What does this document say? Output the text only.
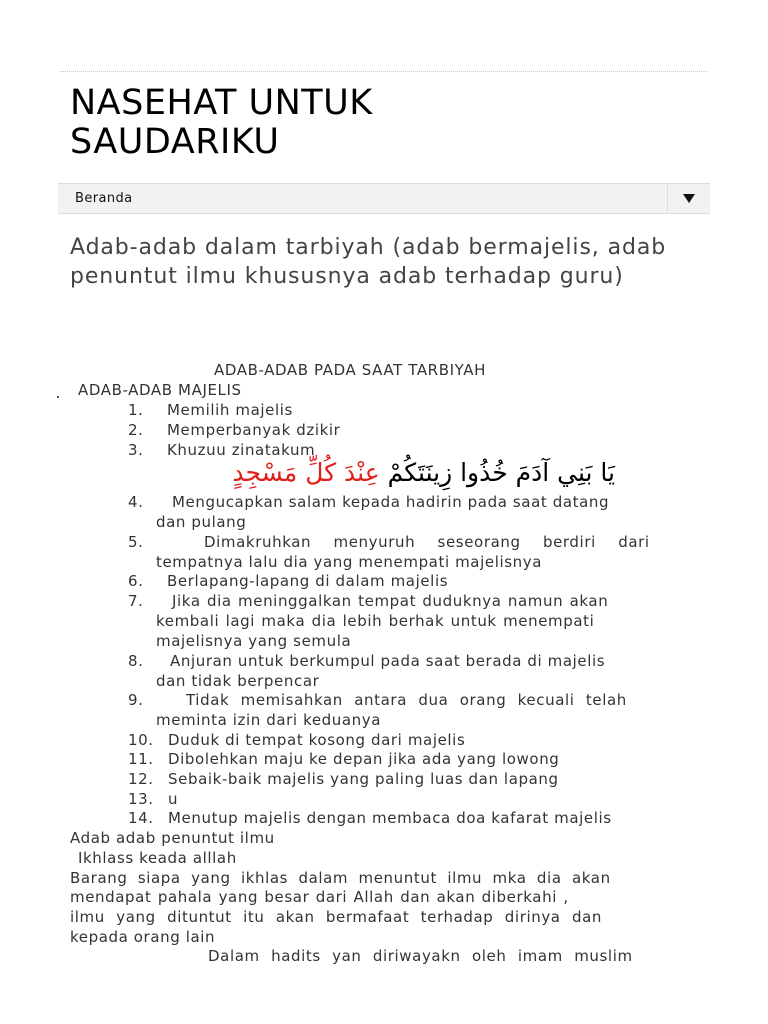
NASEHAT UNTUK
SAUDARIKU
Beranda
Adab-adab dalam tarbiyah (adab bermajelis, adab penuntut ilmu khususnya adab terhadap guru)
ADAB-ADAB PADA SAAT TARBIYAH
ADAB-ADAB MAJELIS
1. Memilih majelis
2. Memperbanyak dzikir
3. Khuzuu zinatakum
يَا بَنِي آدَمَ خُذُوا زِينَتَكُمْ عِنْدَ كُلِّ مَسْجِدٍ
4. Mengucapkan salam kepada hadirin pada saat datang
dan pulang
5.	Dimakruhkan menyuruh seseorang berdiri dari
tempatnya lalu dia yang menempati majelisnya
6. Berlapang-lapang di dalam majelis
7. Jika dia meninggalkan tempat duduknya namun akan
kembali lagi maka dia lebih berhak untuk menempati
majelisnya yang semula
8. Anjuran untuk berkumpul pada saat berada di majelis
dan tidak berpencar
9.	Tidak memisahkan antara dua orang kecuali telah
meminta izin dari keduanya
10. Duduk di tempat kosong dari majelis
11. Dibolehkan maju ke depan jika ada yang lowong
12. Sebaik-baik majelis yang paling luas dan lapang
13. u
14. Menutup majelis dengan membaca doa kafarat majelis
Adab adab penuntut ilmu
Ikhlass keada alllah
Barang siapa yang ikhlas dalam menuntut ilmu mka dia akan
mendapat pahala yang besar dari Allah dan akan diberkahi ,
ilmu yang dituntut itu akan bermafaat terhadap dirinya dan
kepada orang lain
Dalam hadits yan diriwayakn oleh imam muslim
